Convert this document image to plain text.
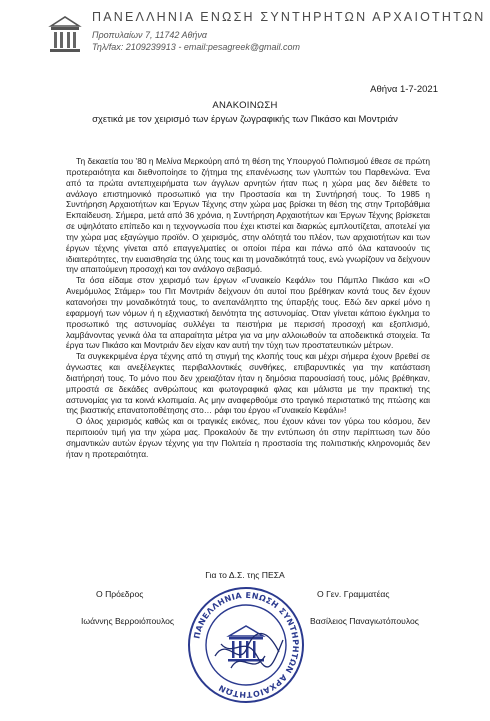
ΠΑΝΕΛΛΗΝΙΑ ΕΝΩΣΗ ΣΥΝΤΗΡΗΤΩΝ ΑΡΧΑΙΟΤΗΤΩΝ
Προπυλαίων 7, 11742 Αθήνα
Τηλ/fax: 2109239913 - email:pesagreek@gmail.com
Αθήνα 1-7-2021
ΑΝΑΚΟΙΝΩΣΗ
σχετικά με τον χειρισμό των έργων ζωγραφικής των Πικάσο και Μοντριάν

Τη δεκαετία του ’80 η Μελίνα Μερκούρη από τη θέση της Υπουργού Πολιτισμού έθεσε σε πρώτη προτεραιότητα και διεθνοποίησε το ζήτημα της επανένωσης των γλυπτών του Παρθενώνα. Ένα από τα πρώτα αντεπιχειρήματα των άγγλων αρνητών ήταν πως η χώρα μας δεν διέθετε το ανάλογο επιστημονικό προσωπικό για την Προστασία και τη Συντήρησή τους. Το 1985 η Συντήρηση Αρχαιοτήτων και Έργων Τέχνης στην χώρα μας βρίσκει τη θέση της στην Τριτοβάθμια Εκπαίδευση. Σήμερα, μετά από 36 χρόνια, η Συντήρηση Αρχαιοτήτων και Έργων Τέχνης βρίσκεται σε υψηλότατο επίπεδο και η τεχνογνωσία που έχει κτιστεί και διαρκώς εμπλουτίζεται, αποτελεί για την χώρα μας εξαγώγιμο προϊόν. Ο χειρισμός, στην ολότητά του πλέον, των αρχαιοτήτων και των έργων τέχνης γίνεται από επαγγελματίες οι οποίοι πέρα και πάνω από όλα κατανοούν τις ιδιαιτερότητες, την ευαισθησία της ύλης τους και τη μοναδικότητά τους, ενώ γνωρίζουν να δείχνουν την απαιτούμενη προσοχή και τον ανάλογο σεβασμό.

Τα όσα είδαμε στον χειρισμό των έργων «Γυναικείο Κεφάλι» του Πάμπλο Πικάσο και «Ο Ανεμόμυλος Στάμερ» του Πιτ Μοντριάν δείχνουν ότι αυτοί που βρέθηκαν κοντά τους δεν έχουν κατανοήσει την μοναδικότητά τους, το ανεπανάληπτο της ύπαρξής τους. Εδώ δεν αρκεί μόνο η εφαρμογή των νόμων ή η εξιχνιαστική δεινότητα της αστυνομίας. Όταν γίνεται κάποιο έγκλημα το προσωπικό της αστυνομίας συλλέγει τα πειστήρια με περισσή προσοχή και εξοπλισμό, λαμβάνοντας γενικά όλα τα απαραίτητα μέτρα για να μην αλλοιωθούν τα αποδεικτικά στοιχεία. Τα έργα των Πικάσο και Μοντριάν δεν είχαν καν αυτή την τύχη των προστατευτικών μέτρων.

Τα συγκεκριμένα έργα τέχνης από τη στιγμή της κλοπής τους και μέχρι σήμερα έχουν βρεθεί σε άγνωστες και ανεξέλεγκτες περιβαλλοντικές συνθήκες, επιβαρυντικές για την κατάσταση διατήρησή τους. Το μόνο που δεν χρειαζόταν ήταν η δημόσια παρουσίασή τους, μόλις βρέθηκαν, μπροστά σε δεκάδες ανθρώπους και φωτογραφικά φλας και μάλιστα με την πρακτική της αστυνομίας για τα κοινά κλοπιμαία. Ας μην αναφερθούμε στο τραγικό περιστατικό της πτώσης και της βιαστικής επανατοποθέτησης στο… ράφι του έργου «Γυναικείο Κεφάλι»!

Ο όλος χειρισμός καθώς και οι τραγικές εικόνες, που έχουν κάνει τον γύρω του κόσμου, δεν περιποιούν τιμή για την χώρα μας. Προκαλούν δε την εντύπωση ότι στην περίπτωση των δύο σημαντικών αυτών έργων τέχνης για την Πολιτεία η προστασία της πολιτιστικής κληρονομιάς δεν ήταν η προτεραιότητα.

Για το Δ.Σ. της ΠΕΣΑ
Ο Πρόεδρος	Ο Γεν. Γραμματέας
Ιωάννης Βερροιόπουλος	Βασίλειος Παναγιωτόπουλος
ΠΑΝΕΛΛΗΝΙΑ ΕΝΩΣΗ ΣΥΝΤΗΡΗΤΩΝ ΑΡΧΑΙΟΤΗΤΩΝ
